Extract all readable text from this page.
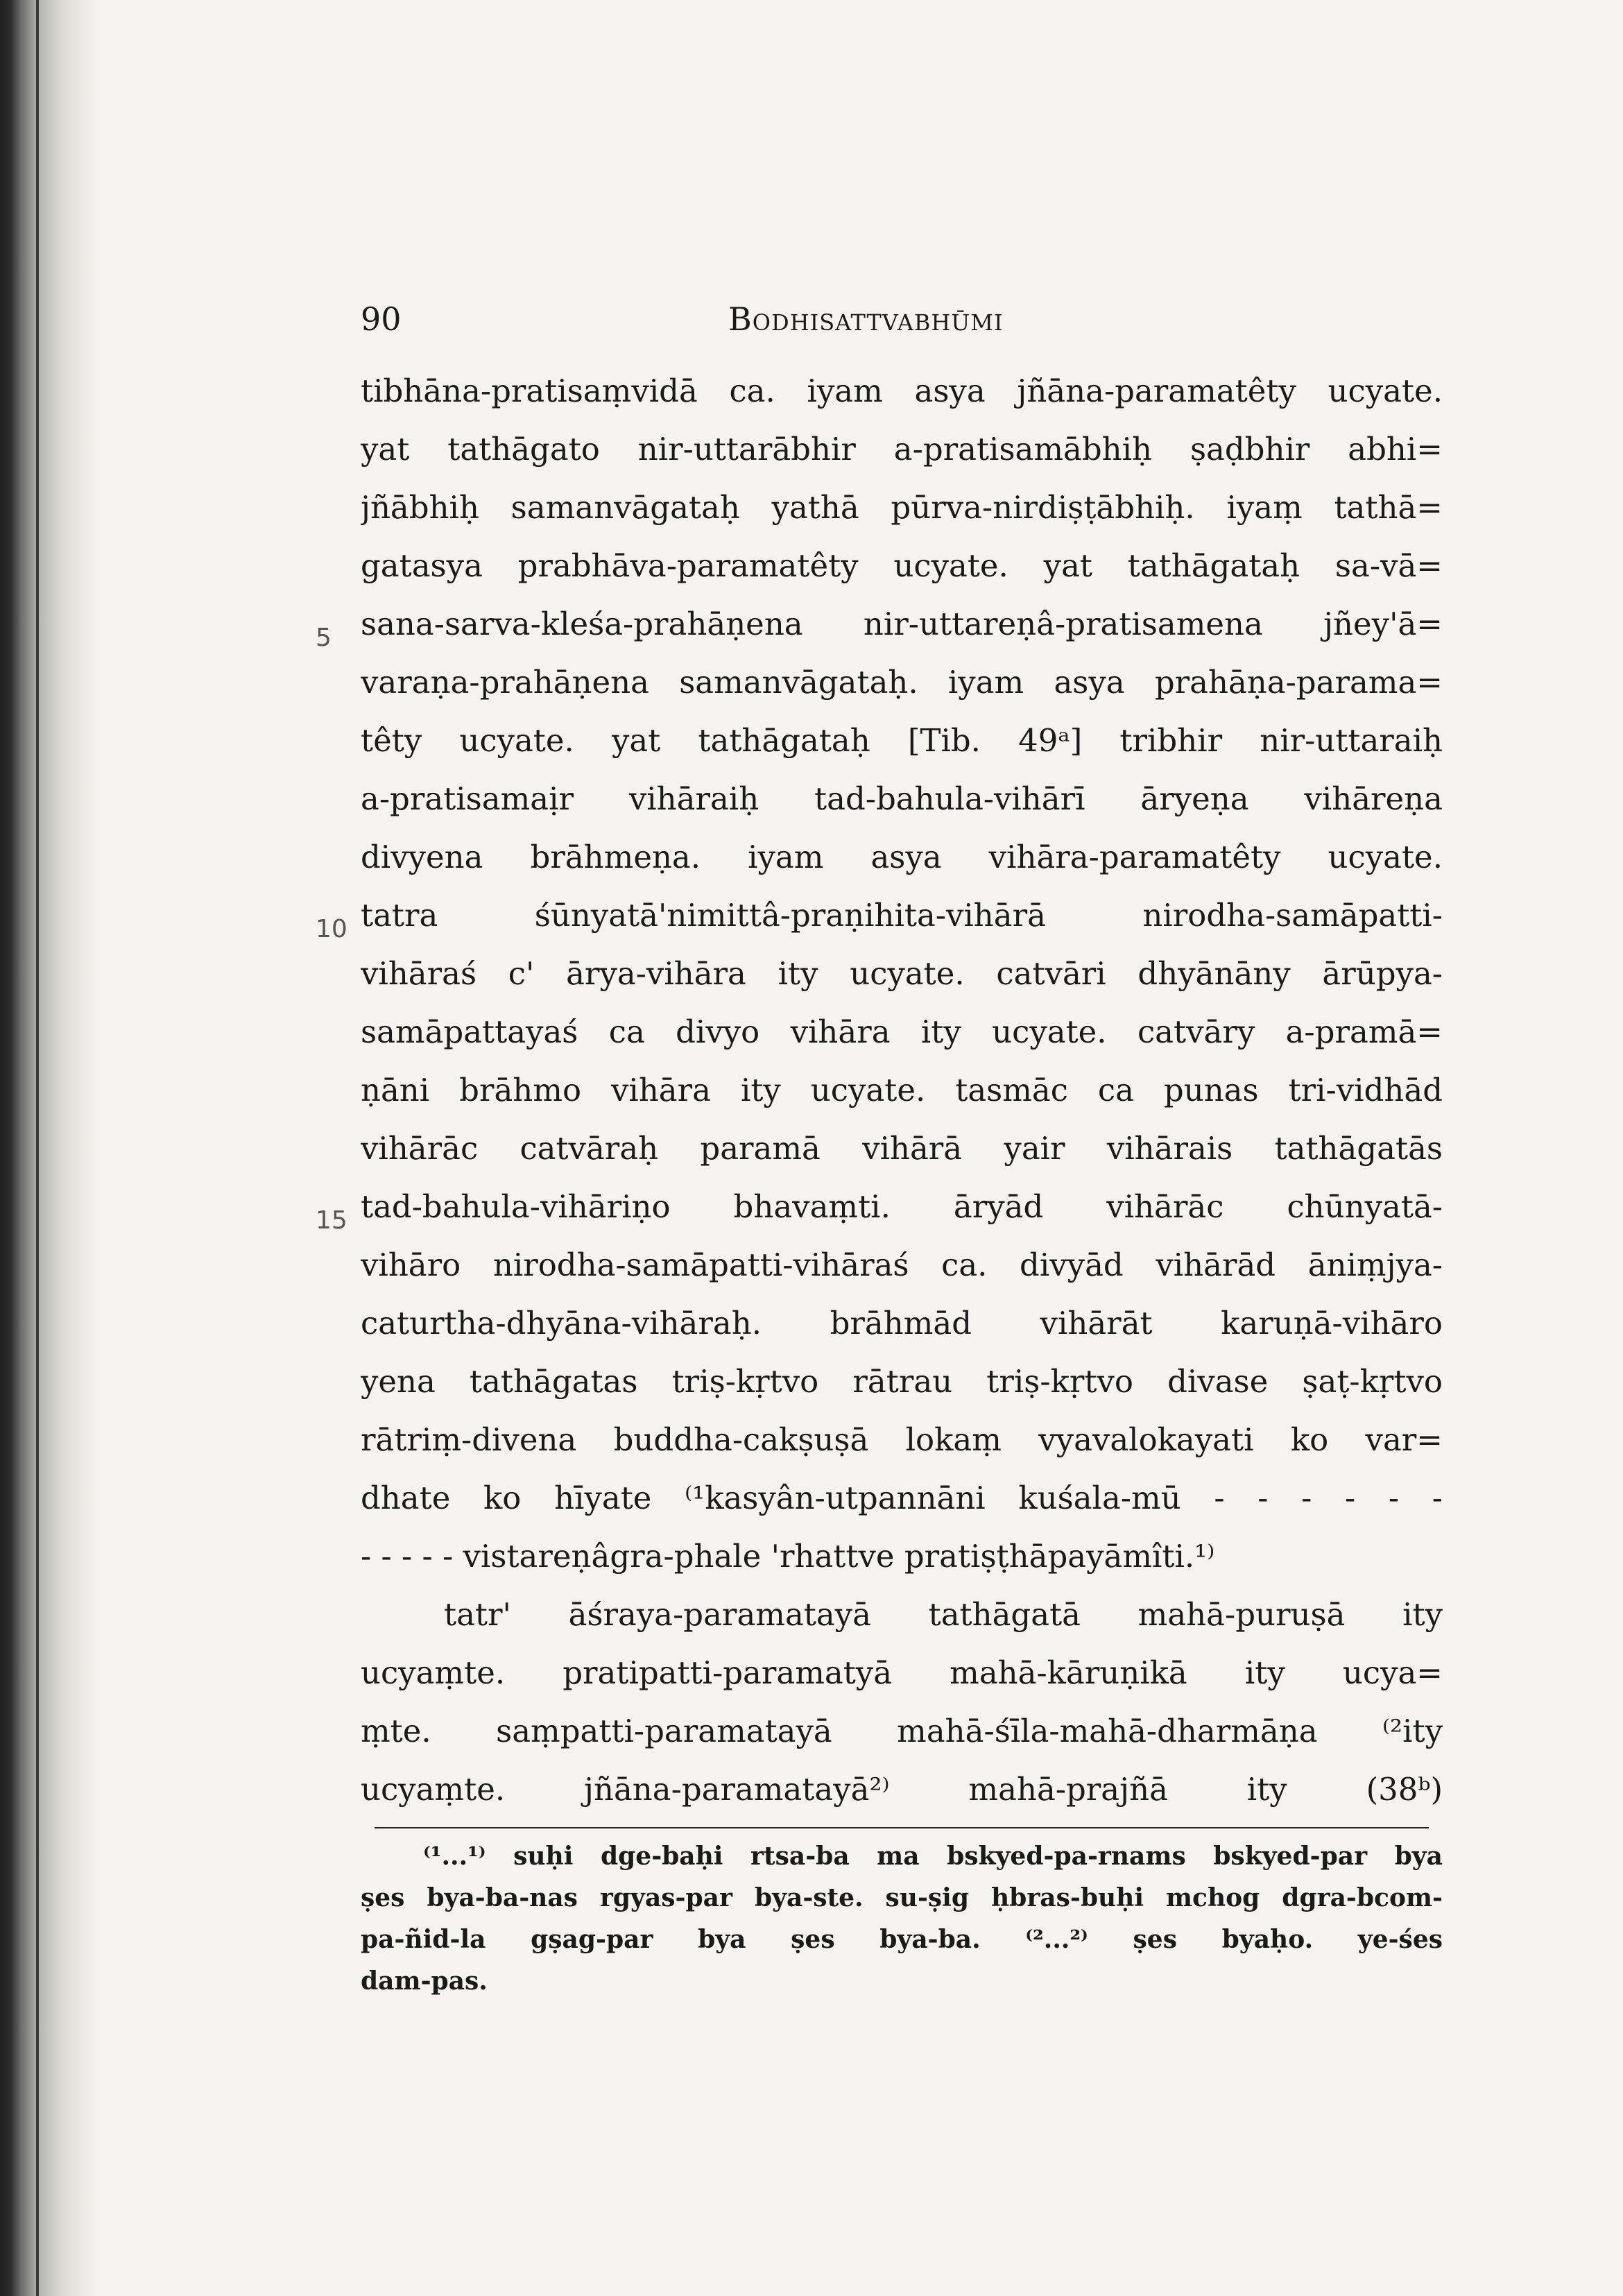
90	Bodhisattvabhūmi
5
10
15
tibhāna-pratisaṃvidā ca. iyam asya jñāna-paramatêty ucyate.
yat tathāgato nir-uttarābhir a-pratisamābhiḥ ṣaḍbhir abhi=
jñābhiḥ samanvāgataḥ yathā pūrva-nirdiṣṭābhiḥ. iyaṃ tathā=
gatasya prabhāva-paramatêty ucyate. yat tathāgataḥ sa-vā=
sana-sarva-kleśa-prahāṇena nir-uttareṇâ-pratisamena jñey'ā=
varaṇa-prahāṇena samanvāgataḥ. iyam asya prahāṇa-parama=
têty ucyate. yat tathāgataḥ [Tib. 49ᵃ] tribhir nir-uttaraiḥ
a-pratisamaịr vihāraiḥ tad-bahula-vihārī āryeṇa vihāreṇa
divyena brāhmeṇa. iyam asya vihāra-paramatêty ucyate.
tatra śūnyatā'nimittâ-praṇihita-vihārā nirodha-samāpatti-
vihāraś c' ārya-vihāra ity ucyate. catvāri dhyānāny ārūpya-
samāpattayaś ca divyo vihāra ity ucyate. catvāry a-pramā=
ṇāni brāhmo vihāra ity ucyate. tasmāc ca punas tri-vidhād
vihārāc catvāraḥ paramā vihārā yair vihārais tathāgatās
tad-bahula-vihāriṇo bhavaṃti. āryād vihārāc chūnyatā-
vihāro nirodha-samāpatti-vihāraś ca. divyād vihārād āniṃjya-
caturtha-dhyāna-vihāraḥ. brāhmād vihārāt karuṇā-vihāro
yena tathāgatas triṣ-kṛtvo rātrau triṣ-kṛtvo divase ṣaṭ-kṛtvo
rātriṃ-divena buddha-cakṣuṣā lokaṃ vyavalokayati ko var=
dhate ko hīyate ⁽¹kasyân-utpannāni kuśala-mū - - - - - -
- - - - - vistareṇâgra-phale 'rhattve pratiṣṭhāpayāmîti.¹⁾
tatr' āśraya-paramatayā tathāgatā mahā-puruṣā ity
ucyaṃte. pratipatti-paramatyā mahā-kāruṇikā ity ucya=
ṃte. saṃpatti-paramatayā mahā-śīla-mahā-dharmāṇa ⁽²ity
ucyaṃte. jñāna-paramatayā²⁾ mahā-prajñā ity (38ᵇ)
⁽¹...¹⁾ suḥi dge-baḥi rtsa-ba ma bskyed-pa-rnams bskyed-par bya
ṣes bya-ba-nas rgyas-par bya-ste. su-ṣig ḥbras-buḥi mchog dgra-bcom-
pa-ñid-la gṣag-par bya ṣes bya-ba. ⁽²...²⁾ ṣes byaḥo. ye-śes
dam-pas.
